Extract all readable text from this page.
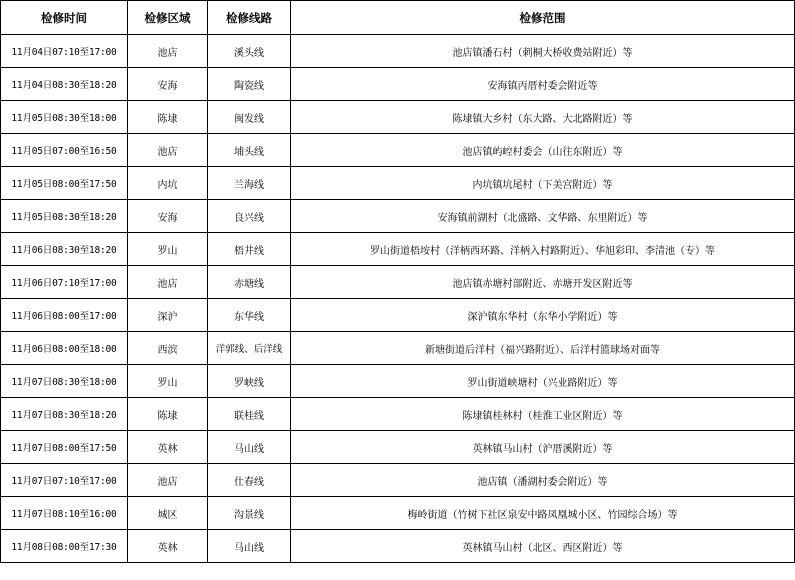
检修时间	检修区域	检修线路	检修范围
11月04日07:10至17:00	池店	溪头线	池店镇潘石村（刺桐大桥收费站附近）等
11月04日08:30至18:20	安海	陶瓷线	安海镇丙厝村委会附近等
11月05日08:30至18:00	陈埭	闽发线	陈埭镇大乡村（东大路、大北路附近）等
11月05日07:00至16:50	池店	埔头线	池店镇屿崆村委会（山往东附近）等
11月05日08:00至17:50	内坑	兰海线	内坑镇坑尾村（下美宫附近）等
11月05日08:30至18:20	安海	良兴线	安海镇前湖村（北盛路、文华路、东里附近）等
11月06日08:30至18:20	罗山	梧井线	罗山街道梧垵村（洋柄西环路、洋柄入村路附近）、华旭彩印、李清池（专）等
11月06日07:10至17:00	池店	赤塘线	池店镇赤塘村部附近、赤塘开发区附近等
11月06日08:00至17:00	深沪	东华线	深沪镇东华村（东华小学附近）等
11月06日08:00至18:00	西滨	洋郭线、后洋线	新塘街道后洋村（福兴路附近）、后洋村篮球场对面等
11月07日08:30至18:00	罗山	罗峡线	罗山街道峡塘村（兴业路附近）等
11月07日08:30至18:20	陈埭	联桂线	陈埭镇桂林村（桂淮工业区附近）等
11月07日08:00至17:50	英林	马山线	英林镇马山村（沪厝溪附近）等
11月07日07:10至17:00	池店	仕春线	池店镇（潘湖村委会附近）等
11月07日08:10至16:00	城区	沟景线	梅岭街道（竹树下社区泉安中路凤凰城小区、竹园综合场）等
11月08日08:00至17:30	英林	马山线	英林镇马山村（北区、西区附近）等
